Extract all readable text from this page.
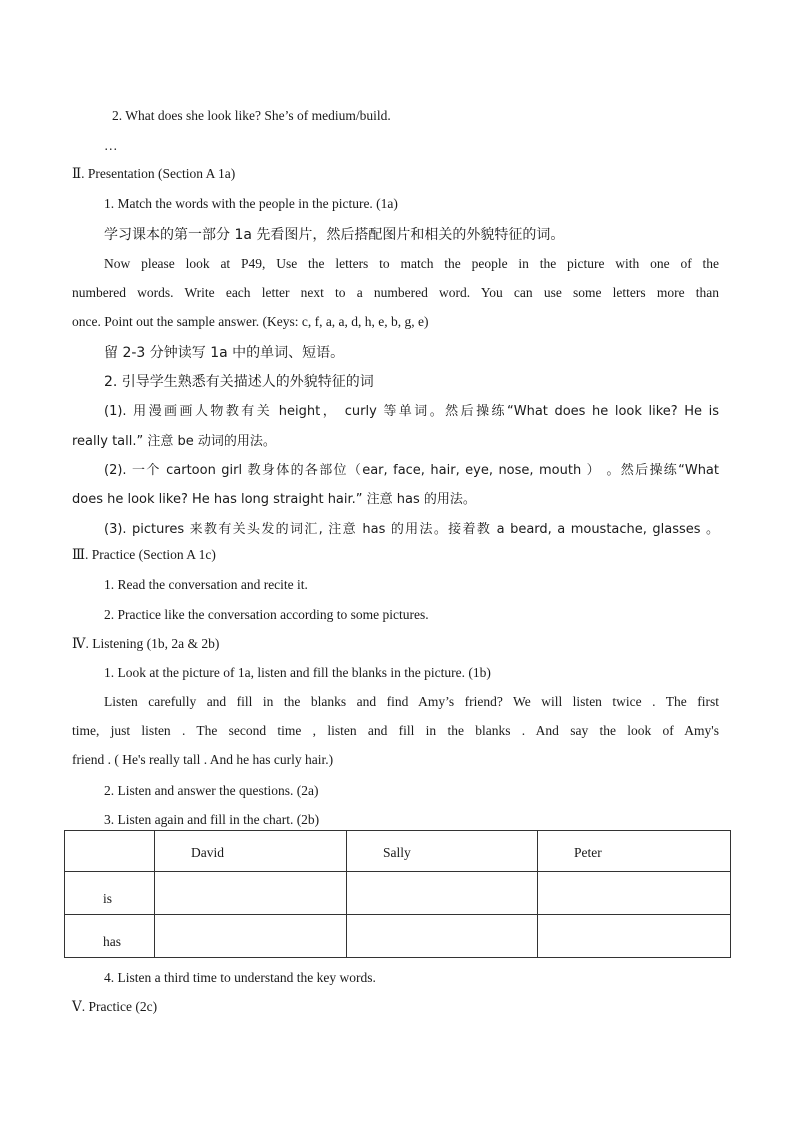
2. What does she look like? She’s of medium/build.
…
Ⅱ. Presentation (Section A 1a)
1. Match the words with the people in the picture. (1a)
学习课本的第一部分 1a 先看图片，然后搭配图片和相关的外貌特征的词。
Now please look at P49, Use the letters to match the people in the picture with one of the
numbered words. Write each letter next to a numbered word. You can use some letters more than
once. Point out the sample answer. (Keys: c, f, a, a, d, h, e, b, g, e)
留 2-3 分钟读写 1a 中的单词、短语。
2. 引导学生熟悉有关描述人的外貌特征的词
(1). 用漫画画人物教有关 height， curly 等单词。然后操练“What does he look like? He is
really tall.” 注意 be 动词的用法。
(2). 一个 cartoon girl 教身体的各部位（ear, face, hair, eye, nose, mouth ） 。然后操练“What
does he look like? He has long straight hair.” 注意 has 的用法。
(3). pictures 来教有关头发的词汇, 注意 has 的用法。接着教 a beard, a moustache, glasses 。
Ⅲ. Practice (Section A 1c)
1. Read the conversation and recite it.
2. Practice like the conversation according to some pictures.
Ⅳ. Listening (1b, 2a & 2b)
1. Look at the picture of 1a, listen and fill the blanks in the picture. (1b)
Listen carefully and fill in the blanks and find Amy’s friend? We will listen twice . The first
time, just listen . The second time , listen and fill in the blanks . And say the look of Amy's
friend . ( He's really tall . And he has curly hair.)
2. Listen and answer the questions. (2a)
3. Listen again and fill in the chart. (2b)
	David	Sally	Peter
is			
has			
4. Listen a third time to understand the key words.
Ⅴ. Practice (2c)
